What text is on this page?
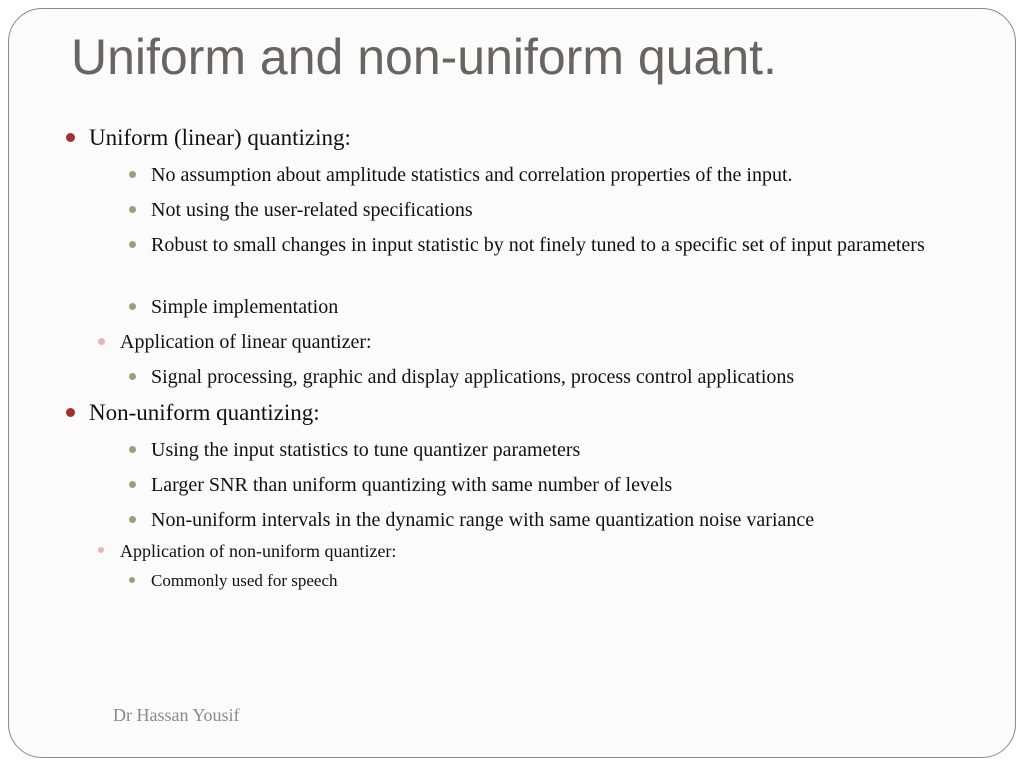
Uniform and non-uniform quant.
Uniform (linear) quantizing:
No assumption about amplitude statistics and correlation properties of the input.
Not using the user-related specifications
Robust to small changes in input statistic by not finely tuned to a specific set of input parameters
Simple implementation
Application of linear quantizer:
Signal processing, graphic and display applications, process control applications
Non-uniform quantizing:
Using the input statistics to tune quantizer parameters
Larger SNR than uniform quantizing with same number of levels
Non-uniform intervals in the dynamic range with same quantization noise variance
Application of non-uniform quantizer:
Commonly used for speech
Dr Hassan Yousif
